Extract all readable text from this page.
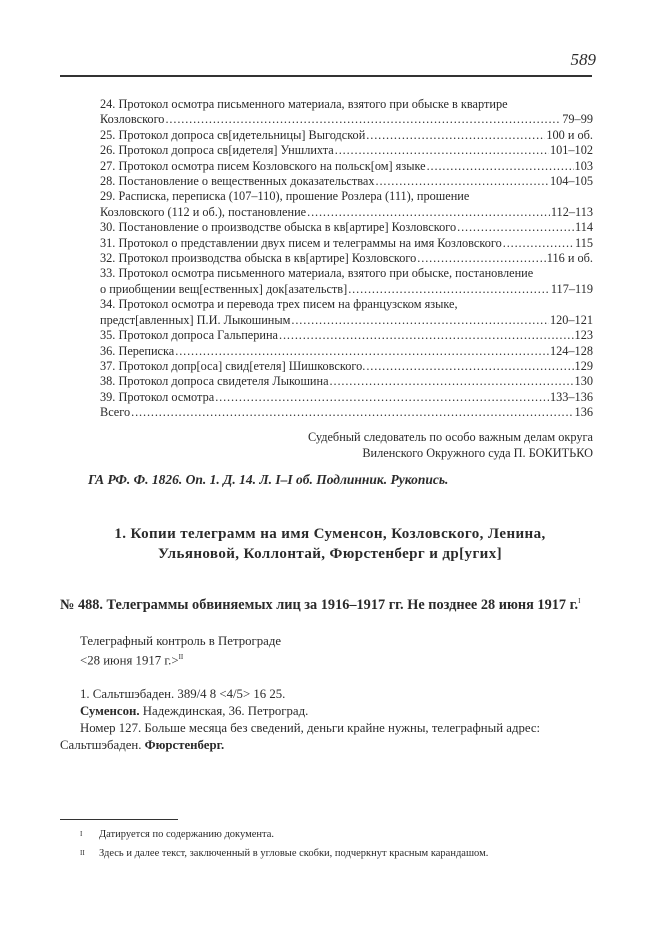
589
24. Протокол осмотра письменного материала, взятого при обыске в квартире
Козловского . . .	79–99
25. Протокол допроса св[идетельницы] Выгодской . . .	100 и об.
26. Протокол допроса св[идетеля] Уншлихта . . .	101–102
27. Протокол осмотра писем Козловского на польск[ом] языке . . .	103
28. Постановление о вещественных доказательствах . . .	104–105
29. Расписка, переписка (107–110), прошение Розлера (111), прошение
Козловского (112 и об.), постановление . . .	112–113
30. Постановление о производстве обыска в кв[артире] Козловского . . .	114
31. Протокол о представлении двух писем и телеграммы на имя Козловского . . .	115
32. Протокол производства обыска в кв[артире] Козловского . . .	116 и об.
33. Протокол осмотра письменного материала, взятого при обыске, постановление
о приобщении вещ[ественных] док[азательств] . . .	117–119
34. Протокол осмотра и перевода трех писем на французском языке,
предст[авленных] П.И. Лыкошиным . . .	120–121
35. Протокол допроса Гальперина . . .	123
36. Переписка . . .	124–128
37. Протокол допр[оса] свид[етеля] Шишковского. . . .	129
38. Протокол допроса свидетеля Лыкошина . . .	130
39. Протокол осмотра . . .	133–136
Всего . . .	136
Судебный следователь по особо важным делам округа
Виленского Окружного суда П. БОКИТЬКО
ГА РФ. Ф. 1826. Оп. 1. Д. 14. Л. I–I об. Подлинник. Рукопись.
1. Копии телеграмм на имя Суменсон, Козловского, Ленина,
Ульяновой, Коллонтай, Фюрстенберг и др[угих]
№ 488. Телеграммы обвиняемых лиц за 1916–1917 гг. Не позднее 28 июня 1917 г.$^I$
Телеграфный контроль в Петрограде
<28 июня 1917 г.>$^{II}$
1. Сальтшэбаден. 389/4 8 <4/5> 16 25.
Суменсон. Надеждинская, 36. Петроград.
Номер 127. Больше месяца без сведений, деньги крайне нужны, телеграфный адрес: Сальтшэбаден. Фюрстенберг.
I	Датируется по содержанию документа.
II	Здесь и далее текст, заключенный в угловые скобки, подчеркнут красным карандашом.
